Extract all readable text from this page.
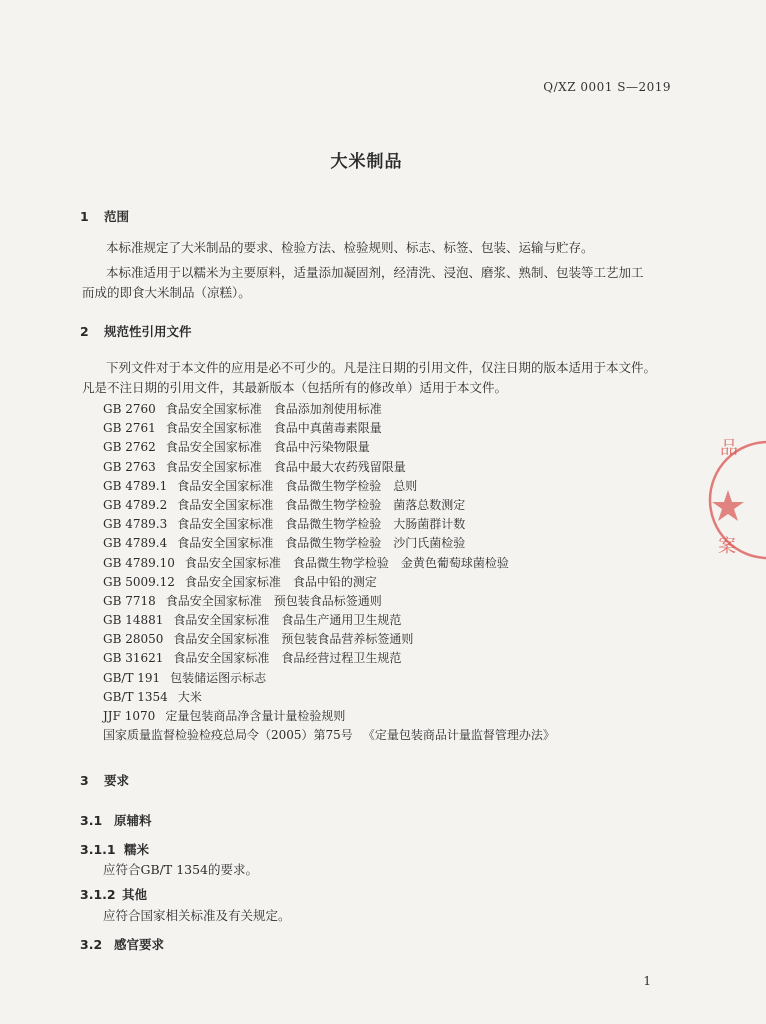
Q/XZ 0001 S—2019
大米制品
1 范围
本标准规定了大米制品的要求、检验方法、检验规则、标志、标签、包装、运输与贮存。
本标准适用于以糯米为主要原料，适量添加凝固剂，经清洗、浸泡、磨浆、熟制、包装等工艺加工
而成的即食大米制品（凉糕）。
2 规范性引用文件
下列文件对于本文件的应用是必不可少的。凡是注日期的引用文件，仅注日期的版本适用于本文件。
凡是不注日期的引用文件，其最新版本（包括所有的修改单）适用于本文件。
GB 2760 食品安全国家标准　食品添加剂使用标准
GB 2761 食品安全国家标准　食品中真菌毒素限量
GB 2762 食品安全国家标准　食品中污染物限量
GB 2763 食品安全国家标准　食品中最大农药残留限量
GB 4789.1 食品安全国家标准　食品微生物学检验　总则
GB 4789.2 食品安全国家标准　食品微生物学检验　菌落总数测定
GB 4789.3 食品安全国家标准　食品微生物学检验　大肠菌群计数
GB 4789.4 食品安全国家标准　食品微生物学检验　沙门氏菌检验
GB 4789.10 食品安全国家标准　食品微生物学检验　金黄色葡萄球菌检验
GB 5009.12 食品安全国家标准　食品中铅的测定
GB 7718 食品安全国家标准　预包装食品标签通则
GB 14881 食品安全国家标准　食品生产通用卫生规范
GB 28050 食品安全国家标准　预包装食品营养标签通则
GB 31621 食品安全国家标准　食品经营过程卫生规范
GB/T 191 包装储运图示标志
GB/T 1354 大米
JJF 1070 定量包装商品净含量计量检验规则
国家质量监督检验检疫总局令（2005）第75号 《定量包装商品计量监督管理办法》
3 要求
3.1 原辅料
3.1.1 糯米
应符合GB/T 1354的要求。
3.1.2 其他
应符合国家相关标准及有关规定。
3.2 感官要求
1
品
案
